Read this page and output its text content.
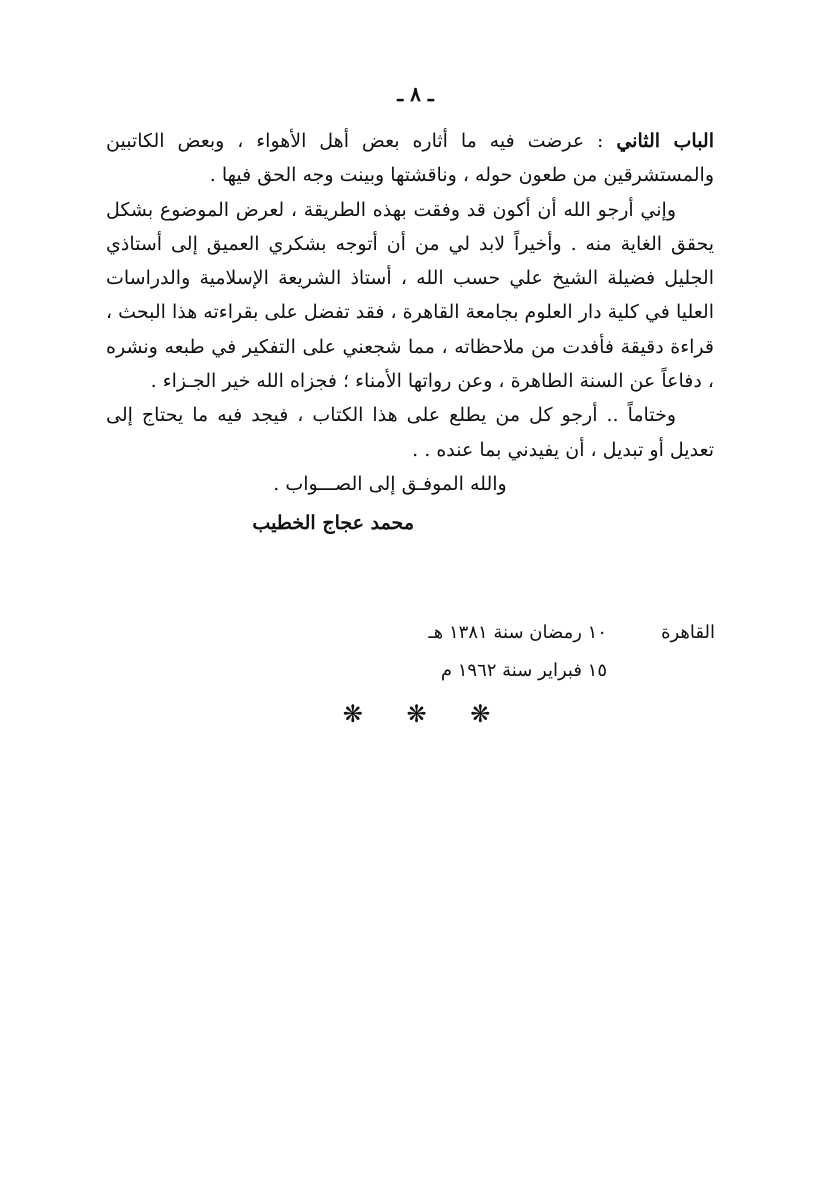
ـ ٨ ـ

الباب الثاني : عرضت فيه ما أثاره بعض أهل الأهواء ، وبعض الكاتبين والمستشرقين من طعون حوله ، وناقشتها وبينت وجه الحق فيها .

وإني أرجو الله أن أكون قد وفقت بهذه الطريقة ، لعرض الموضوع بشكل يحقق الغاية منه . وأخيراً لابد لي من أن أتوجه بشكري العميق إلى أستاذي الجليل فضيلة الشيخ علي حسب الله ، أستاذ الشريعة الإسلامية والدراسات العليا في كلية دار العلوم بجامعة القاهرة ، فقد تفضل على بقراءته هذا البحث ، قراءة دقيقة فأفدت من ملاحظاته ، مما شجعني على التفكير في طبعه ونشره ، دفاعاً عن السنة الطاهرة ، وعن رواتها الأمناء ؛ فجزاه الله خير الجـزاء .

وختاماً .. أرجو كل من يطلع على هذا الكتاب ، فيجد فيه ما يحتاج إلى تعديل أو تبديل ، أن يفيدني بما عنده . .

والله الموفـق إلى الصـــواب .

محمد عجاج الخطيب

القاهرة
١٠ رمضان سنة ١٣٨١ هـ
١٥ فبراير سنة ١٩٦٢ م
❋ ❋ ❋
